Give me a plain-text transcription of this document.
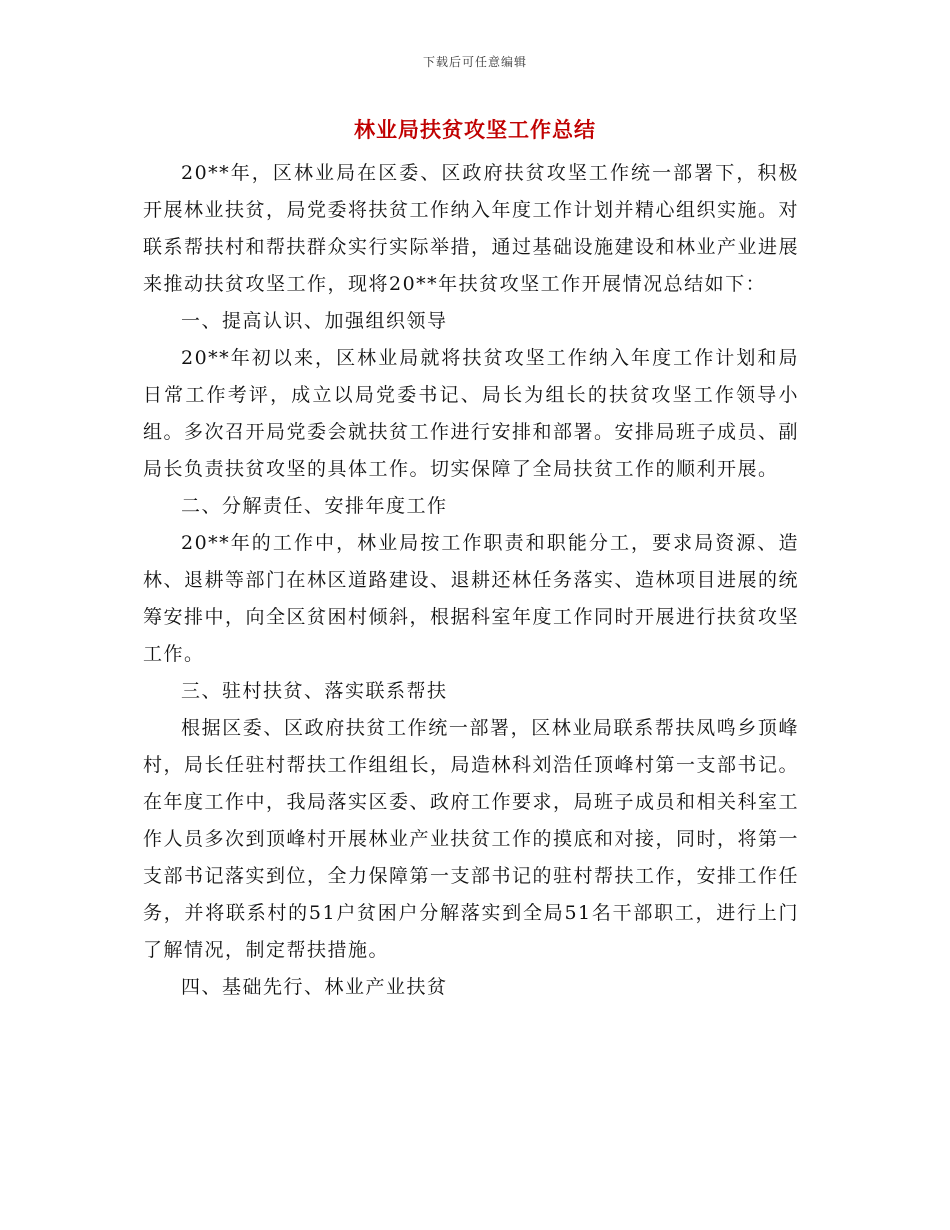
下载后可任意编辑
林业局扶贫攻坚工作总结

20**年，区林业局在区委、区政府扶贫攻坚工作统一部署下，积极开展林业扶贫，局党委将扶贫工作纳入年度工作计划并精心组织实施。对联系帮扶村和帮扶群众实行实际举措，通过基础设施建设和林业产业进展来推动扶贫攻坚工作，现将20**年扶贫攻坚工作开展情况总结如下：

一、提高认识、加强组织领导

20**年初以来，区林业局就将扶贫攻坚工作纳入年度工作计划和局日常工作考评，成立以局党委书记、局长为组长的扶贫攻坚工作领导小组。多次召开局党委会就扶贫工作进行安排和部署。安排局班子成员、副局长负责扶贫攻坚的具体工作。切实保障了全局扶贫工作的顺利开展。

二、分解责任、安排年度工作

20**年的工作中，林业局按工作职责和职能分工，要求局资源、造林、退耕等部门在林区道路建设、退耕还林任务落实、造林项目进展的统筹安排中，向全区贫困村倾斜，根据科室年度工作同时开展进行扶贫攻坚工作。

三、驻村扶贫、落实联系帮扶

根据区委、区政府扶贫工作统一部署，区林业局联系帮扶凤鸣乡顶峰村，局长任驻村帮扶工作组组长，局造林科刘浩任顶峰村第一支部书记。在年度工作中，我局落实区委、政府工作要求，局班子成员和相关科室工作人员多次到顶峰村开展林业产业扶贫工作的摸底和对接，同时，将第一支部书记落实到位，全力保障第一支部书记的驻村帮扶工作，安排工作任务，并将联系村的51户贫困户分解落实到全局51名干部职工，进行上门了解情况，制定帮扶措施。

四、基础先行、林业产业扶贫
